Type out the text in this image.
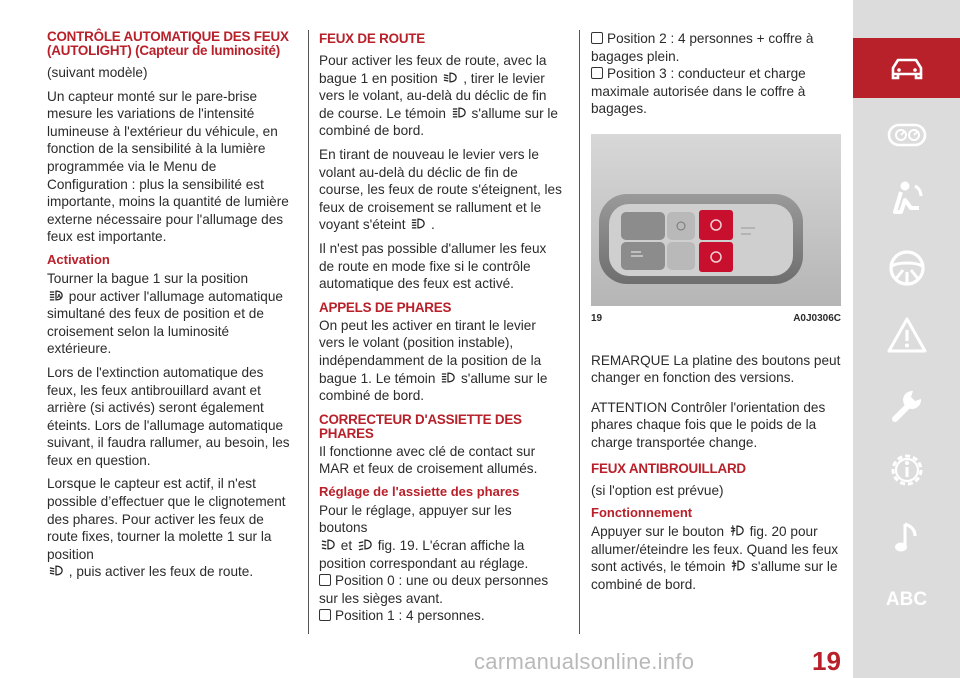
CONTRÔLE AUTOMATIQUE DES FEUX (AUTOLIGHT) (Capteur de luminosité)

(suivant modèle)

Un capteur monté sur le pare-brise mesure les variations de l'intensité lumineuse à l'extérieur du véhicule, en fonction de la sensibilité à la lumière programmée via le Menu de Configuration : plus la sensibilité est importante, moins la quantité de lumière externe nécessaire pour l'allumage des feux est importante.

Activation

Tourner la bague 1 sur la position

A pour activer l'allumage automatique simultané des feux de position et de croisement selon la luminosité extérieure.

Lors de l'extinction automatique des feux, les feux antibrouillard avant et arrière (si activés) seront également éteints. Lors de l'allumage automatique suivant, il faudra rallumer, au besoin, les feux en question.

Lorsque le capteur est actif, il n'est possible d’effectuer que le clignotement des phares. Pour activer les feux de route fixes, tourner la molette 1 sur la position
, puis activer les feux de route.

FEUX DE ROUTE

Pour activer les feux de route, avec la bague 1 en position , tirer le levier vers le volant, au-delà du déclic de fin de course. Le témoin s'allume sur le combiné de bord.

En tirant de nouveau le levier vers le volant au-delà du déclic de fin de course, les feux de route s'éteignent, les feux de croisement se rallument et le voyant s'éteint .

Il n'est pas possible d'allumer les feux de route en mode fixe si le contrôle automatique des feux est activé.

APPELS DE PHARES

On peut les activer en tirant le levier vers le volant (position instable), indépendamment de la position de la bague 1. Le témoin s'allume sur le combiné de bord.

CORRECTEUR D'ASSIETTE DES PHARES

Il fonctionne avec clé de contact sur MAR et feux de croisement allumés.

Réglage de l'assiette des phares

Pour le réglage, appuyer sur les boutons
et fig. 19. L'écran affiche la position correspondant au réglage.

Position 0 : une ou deux personnes sur les sièges avant.
Position 1 : 4 personnes.
Position 2 : 4 personnes + coffre à bagages plein.
Position 3 : conducteur et charge maximale autorisée dans le coffre à bagages.
19	A0J0306C

REMARQUE La platine des boutons peut changer en fonction des versions.

ATTENTION Contrôler l'orientation des phares chaque fois que le poids de la charge transportée change.

FEUX ANTIBROUILLARD

(si l'option est prévue)

Fonctionnement

Appuyer sur le bouton fig. 20 pour allumer/éteindre les feux. Quand les feux sont activés, le témoin s'allume sur le combiné de bord.

ABC
carmanualsonline.info	19
